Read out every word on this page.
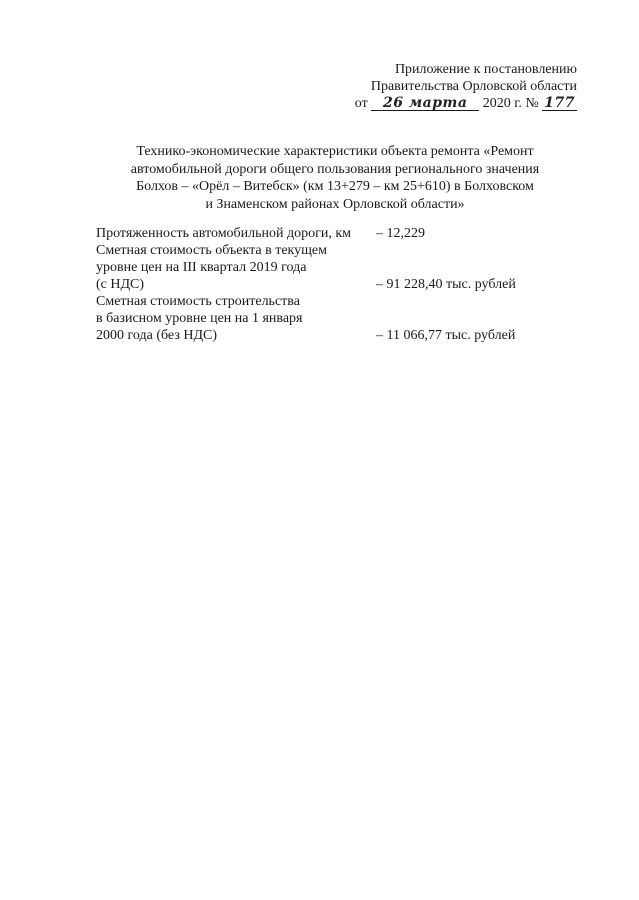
Приложение к постановлению
Правительства Орловской области
от 26 марта 2020 г. № 177
Технико-экономические характеристики объекта ремонта «Ремонт
автомобильной дороги общего пользования регионального значения
Болхов – «Орёл – Витебск» (км 13+279 – км 25+610) в Болховском
и Знаменском районах Орловской области»
Протяженность автомобильной дороги, км	– 12,229
Сметная стоимость объекта в текущем
уровне цен на III квартал 2019 года
(с НДС)	– 91 228,40 тыс. рублей
Сметная стоимость строительства
в базисном уровне цен на 1 января
2000 года (без НДС)	– 11 066,77 тыс. рублей
